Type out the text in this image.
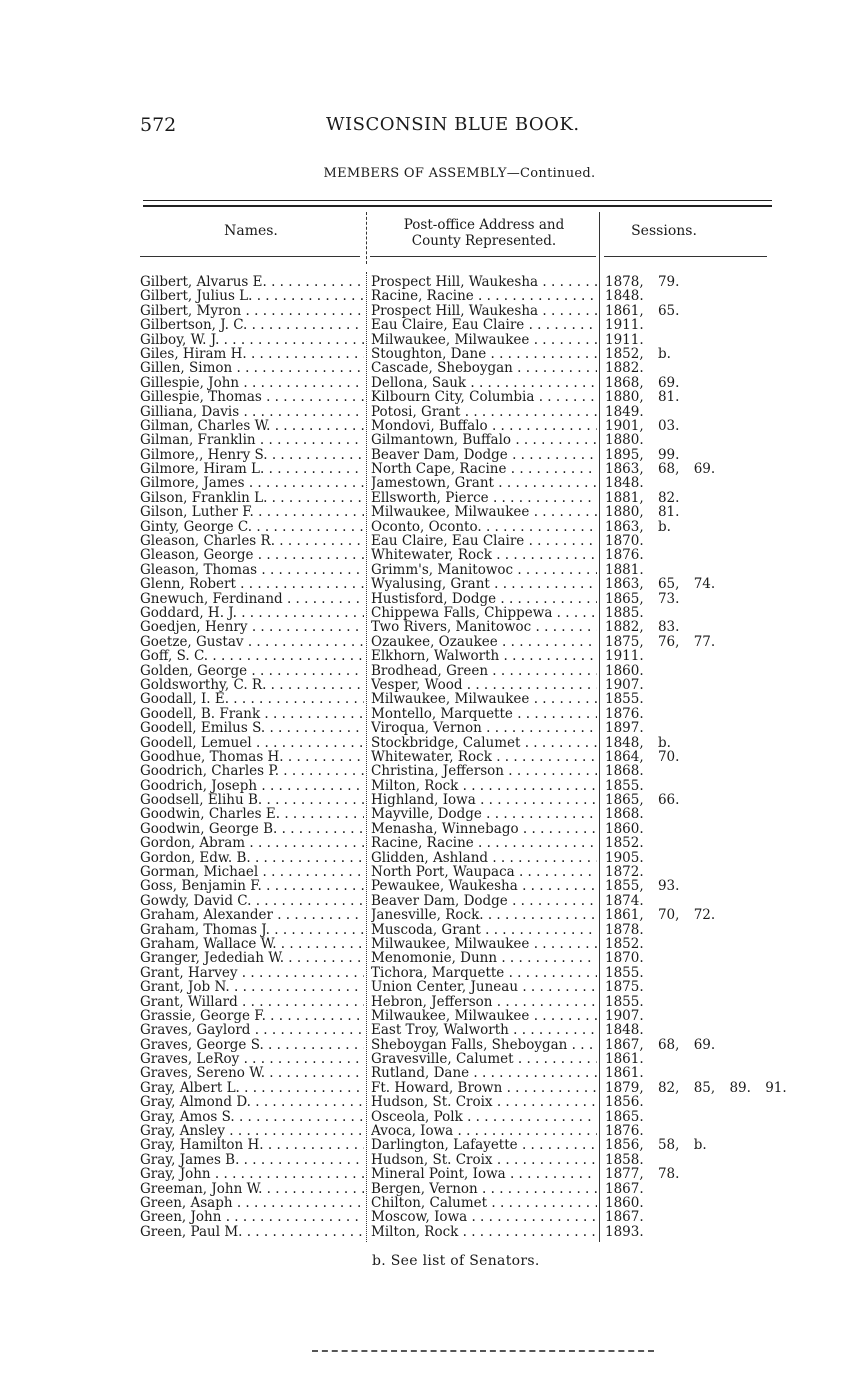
572	WISCONSIN BLUE BOOK.
MEMBERS OF ASSEMBLY—Continued.
Names.	Post-office Address and
County Represented.
Sessions.
Gilbert, Alvarus E. . . .	Prospect Hill, Waukesha . . .	1878, 79.
Gilbert, Julius L. . . .	Racine, Racine . . .	1848.
Gilbert, Myron . . .	Prospect Hill, Waukesha . . .	1861, 65.
Gilbertson, J. C. . . .	Eau Claire, Eau Claire . . .	1911.
Gilboy, W. J. . . .	Milwaukee, Milwaukee . . .	1911.
Giles, Hiram H. . . .	Stoughton, Dane . . .	1852, b.
Gillen, Simon . . .	Cascade, Sheboygan . . .	1882.
Gillespie, John . . .	Dellona, Sauk . . .	1868, 69.
Gillespie, Thomas . . .	Kilbourn City, Columbia . . .	1880, 81.
Gilliana, Davis . . .	Potosi, Grant . . .	1849.
Gilman, Charles W. . . .	Mondovi, Buffalo . . .	1901, 03.
Gilman, Franklin . . .	Gilmantown, Buffalo . . .	1880.
Gilmore,, Henry S. . . .	Beaver Dam, Dodge . . .	1895, 99.
Gilmore, Hiram L. . . .	North Cape, Racine . . .	1863, 68, 69.
Gilmore, James . . .	Jamestown, Grant . . .	1848.
Gilson, Franklin L. . . .	Ellsworth, Pierce . . .	1881, 82.
Gilson, Luther F. . . .	Milwaukee, Milwaukee . . .	1880, 81.
Ginty, George C. . . .	Oconto, Oconto. . . .	1863, b.
Gleason, Charles R. . . .	Eau Claire, Eau Claire . . .	1870.
Gleason, George . . .	Whitewater, Rock . . .	1876.
Gleason, Thomas . . .	Grimm's, Manitowoc . . .	1881.
Glenn, Robert . . .	Wyalusing, Grant . . .	1863, 65, 74.
Gnewuch, Ferdinand . . .	Hustisford, Dodge . . .	1865, 73.
Goddard, H. J. . . .	Chippewa Falls, Chippewa . . .	1885.
Goedjen, Henry . . .	Two Rivers, Manitowoc . . .	1882, 83.
Goetze, Gustav . . .	Ozaukee, Ozaukee . . .	1875, 76, 77.
Goff, S. C. . . .	Elkhorn, Walworth . . .	1911.
Golden, George . . .	Brodhead, Green . . .	1860.
Goldsworthy, C. R. . . .	Vesper, Wood . . .	1907.
Goodall, I. E. . . .	Milwaukee, Milwaukee . . .	1855.
Goodell, B. Frank . . .	Montello, Marquette . . .	1876.
Goodell, Emilus S. . . .	Viroqua, Vernon . . .	1897.
Goodell, Lemuel . . .	Stockbridge, Calumet . . .	1848, b.
Goodhue, Thomas H. . . .	Whitewater, Rock . . .	1864, 70.
Goodrich, Charles P. . . .	Christina, Jefferson . . .	1868.
Goodrich, Joseph . . .	Milton, Rock . . .	1855.
Goodsell, Elihu B. . . .	Highland, Iowa . . .	1865, 66.
Goodwin, Charles E. . . .	Mayville, Dodge . . .	1868.
Goodwin, George B. . . .	Menasha, Winnebago . . .	1860.
Gordon, Abram . . .	Racine, Racine . . .	1852.
Gordon, Edw. B. . . .	Glidden, Ashland . . .	1905.
Gorman, Michael . . .	North Port, Waupaca . . .	1872.
Goss, Benjamin F. . . .	Pewaukee, Waukesha . . .	1855, 93.
Gowdy, David C. . . .	Beaver Dam, Dodge . . .	1874.
Graham, Alexander . . .	Janesville, Rock. . . .	1861, 70, 72.
Graham, Thomas J. . . .	Muscoda, Grant . . .	1878.
Graham, Wallace W. . . .	Milwaukee, Milwaukee . . .	1852.
Granger, Jedediah W. . . .	Menomonie, Dunn . . .	1870.
Grant, Harvey . . .	Tichora, Marquette . . .	1855.
Grant, Job N. . . .	Union Center, Juneau . . .	1875.
Grant, Willard . . .	Hebron, Jefferson . . .	1855.
Grassie, George F. . . .	Milwaukee, Milwaukee . . .	1907.
Graves, Gaylord . . .	East Troy, Walworth . . .	1848.
Graves, George S. . . .	Sheboygan Falls, Sheboygan . . .	1867, 68, 69.
Graves, LeRoy . . .	Gravesville, Calumet . . .	1861.
Graves, Sereno W. . . .	Rutland, Dane . . .	1861.
Gray, Albert L. . . .	Ft. Howard, Brown . . .	1879, 82, 85, 89. 91.
Gray, Almond D. . . .	Hudson, St. Croix . . .	1856.
Gray, Amos S. . . .	Osceola, Polk . . .	1865.
Gray, Ansley . . .	Avoca, Iowa . . .	1876.
Gray, Hamilton H. . . .	Darlington, Lafayette . . .	1856, 58, b.
Gray, James B. . . .	Hudson, St. Croix . . .	1858.
Gray, John . . .	Mineral Point, Iowa . . .	1877, 78.
Greeman, John W. . . .	Bergen, Vernon . . .	1867.
Green, Asaph . . .	Chilton, Calumet . . .	1860.
Green, John . . .	Moscow, Iowa . . .	1867.
Green, Paul M. . . .	Milton, Rock . . .	1893.
b. See list of Senators.
